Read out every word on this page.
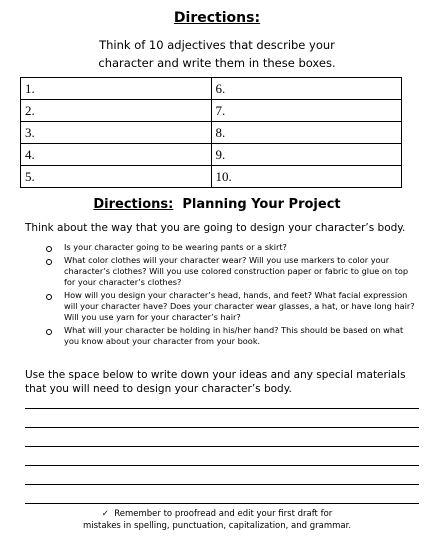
Directions:
Think of 10 adjectives that describe your
character and write them in these boxes.
1.	6.
2.	7.
3.	8.
4.	9.
5.	10.
Directions: Planning Your Project
Think about the way that you are going to design your character’s body.
Is your character going to be wearing pants or a skirt?
What color clothes will your character wear? Will you use markers to color your character’s clothes? Will you use colored construction paper or fabric to glue on top for your character’s clothes?
How will you design your character’s head, hands, and feet? What facial expression will your character have? Does your character wear glasses, a hat, or have long hair? Will you use yarn for your character’s hair?
What will your character be holding in his/her hand? This should be based on what you know about your character from your book.
Use the space below to write down your ideas and any special materials that you will need to design your character’s body.
✓ Remember to proofread and edit your first draft for
mistakes in spelling, punctuation, capitalization, and grammar.
